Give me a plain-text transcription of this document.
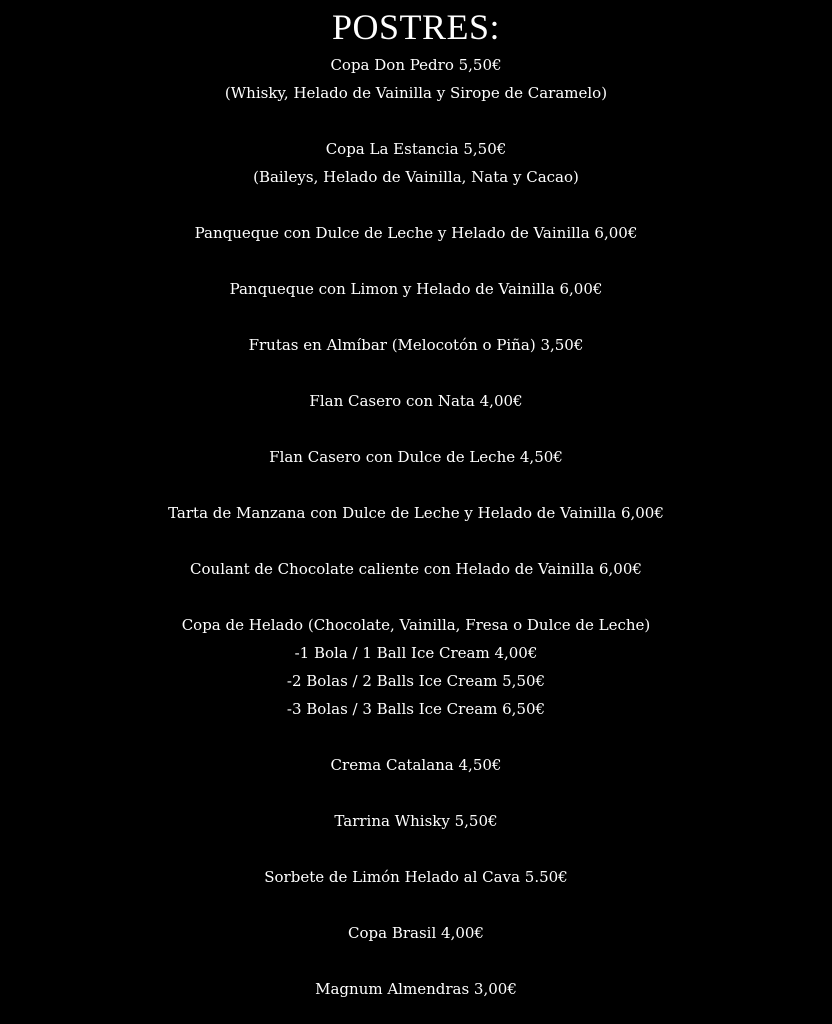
POSTRES:
Copa Don Pedro 5,50€
(Whisky, Helado de Vainilla y Sirope de Caramelo)
Copa La Estancia 5,50€
(Baileys, Helado de Vainilla, Nata y Cacao)
Panqueque con Dulce de Leche y Helado de Vainilla 6,00€
Panqueque con Limon y Helado de Vainilla 6,00€
Frutas en Almíbar (Melocotón o Piña) 3,50€
Flan Casero con Nata 4,00€
Flan Casero con Dulce de Leche 4,50€
Tarta de Manzana con Dulce de Leche y Helado de Vainilla 6,00€
Coulant de Chocolate caliente con Helado de Vainilla 6,00€
Copa de Helado (Chocolate, Vainilla, Fresa o Dulce de Leche)
-1 Bola / 1 Ball Ice Cream 4,00€
-2 Bolas / 2 Balls Ice Cream 5,50€
-3 Bolas / 3 Balls Ice Cream 6,50€
Crema Catalana 4,50€
Tarrina Whisky 5,50€
Sorbete de Limón Helado al Cava 5.50€
Copa Brasil 4,00€
Magnum Almendras 3,00€
